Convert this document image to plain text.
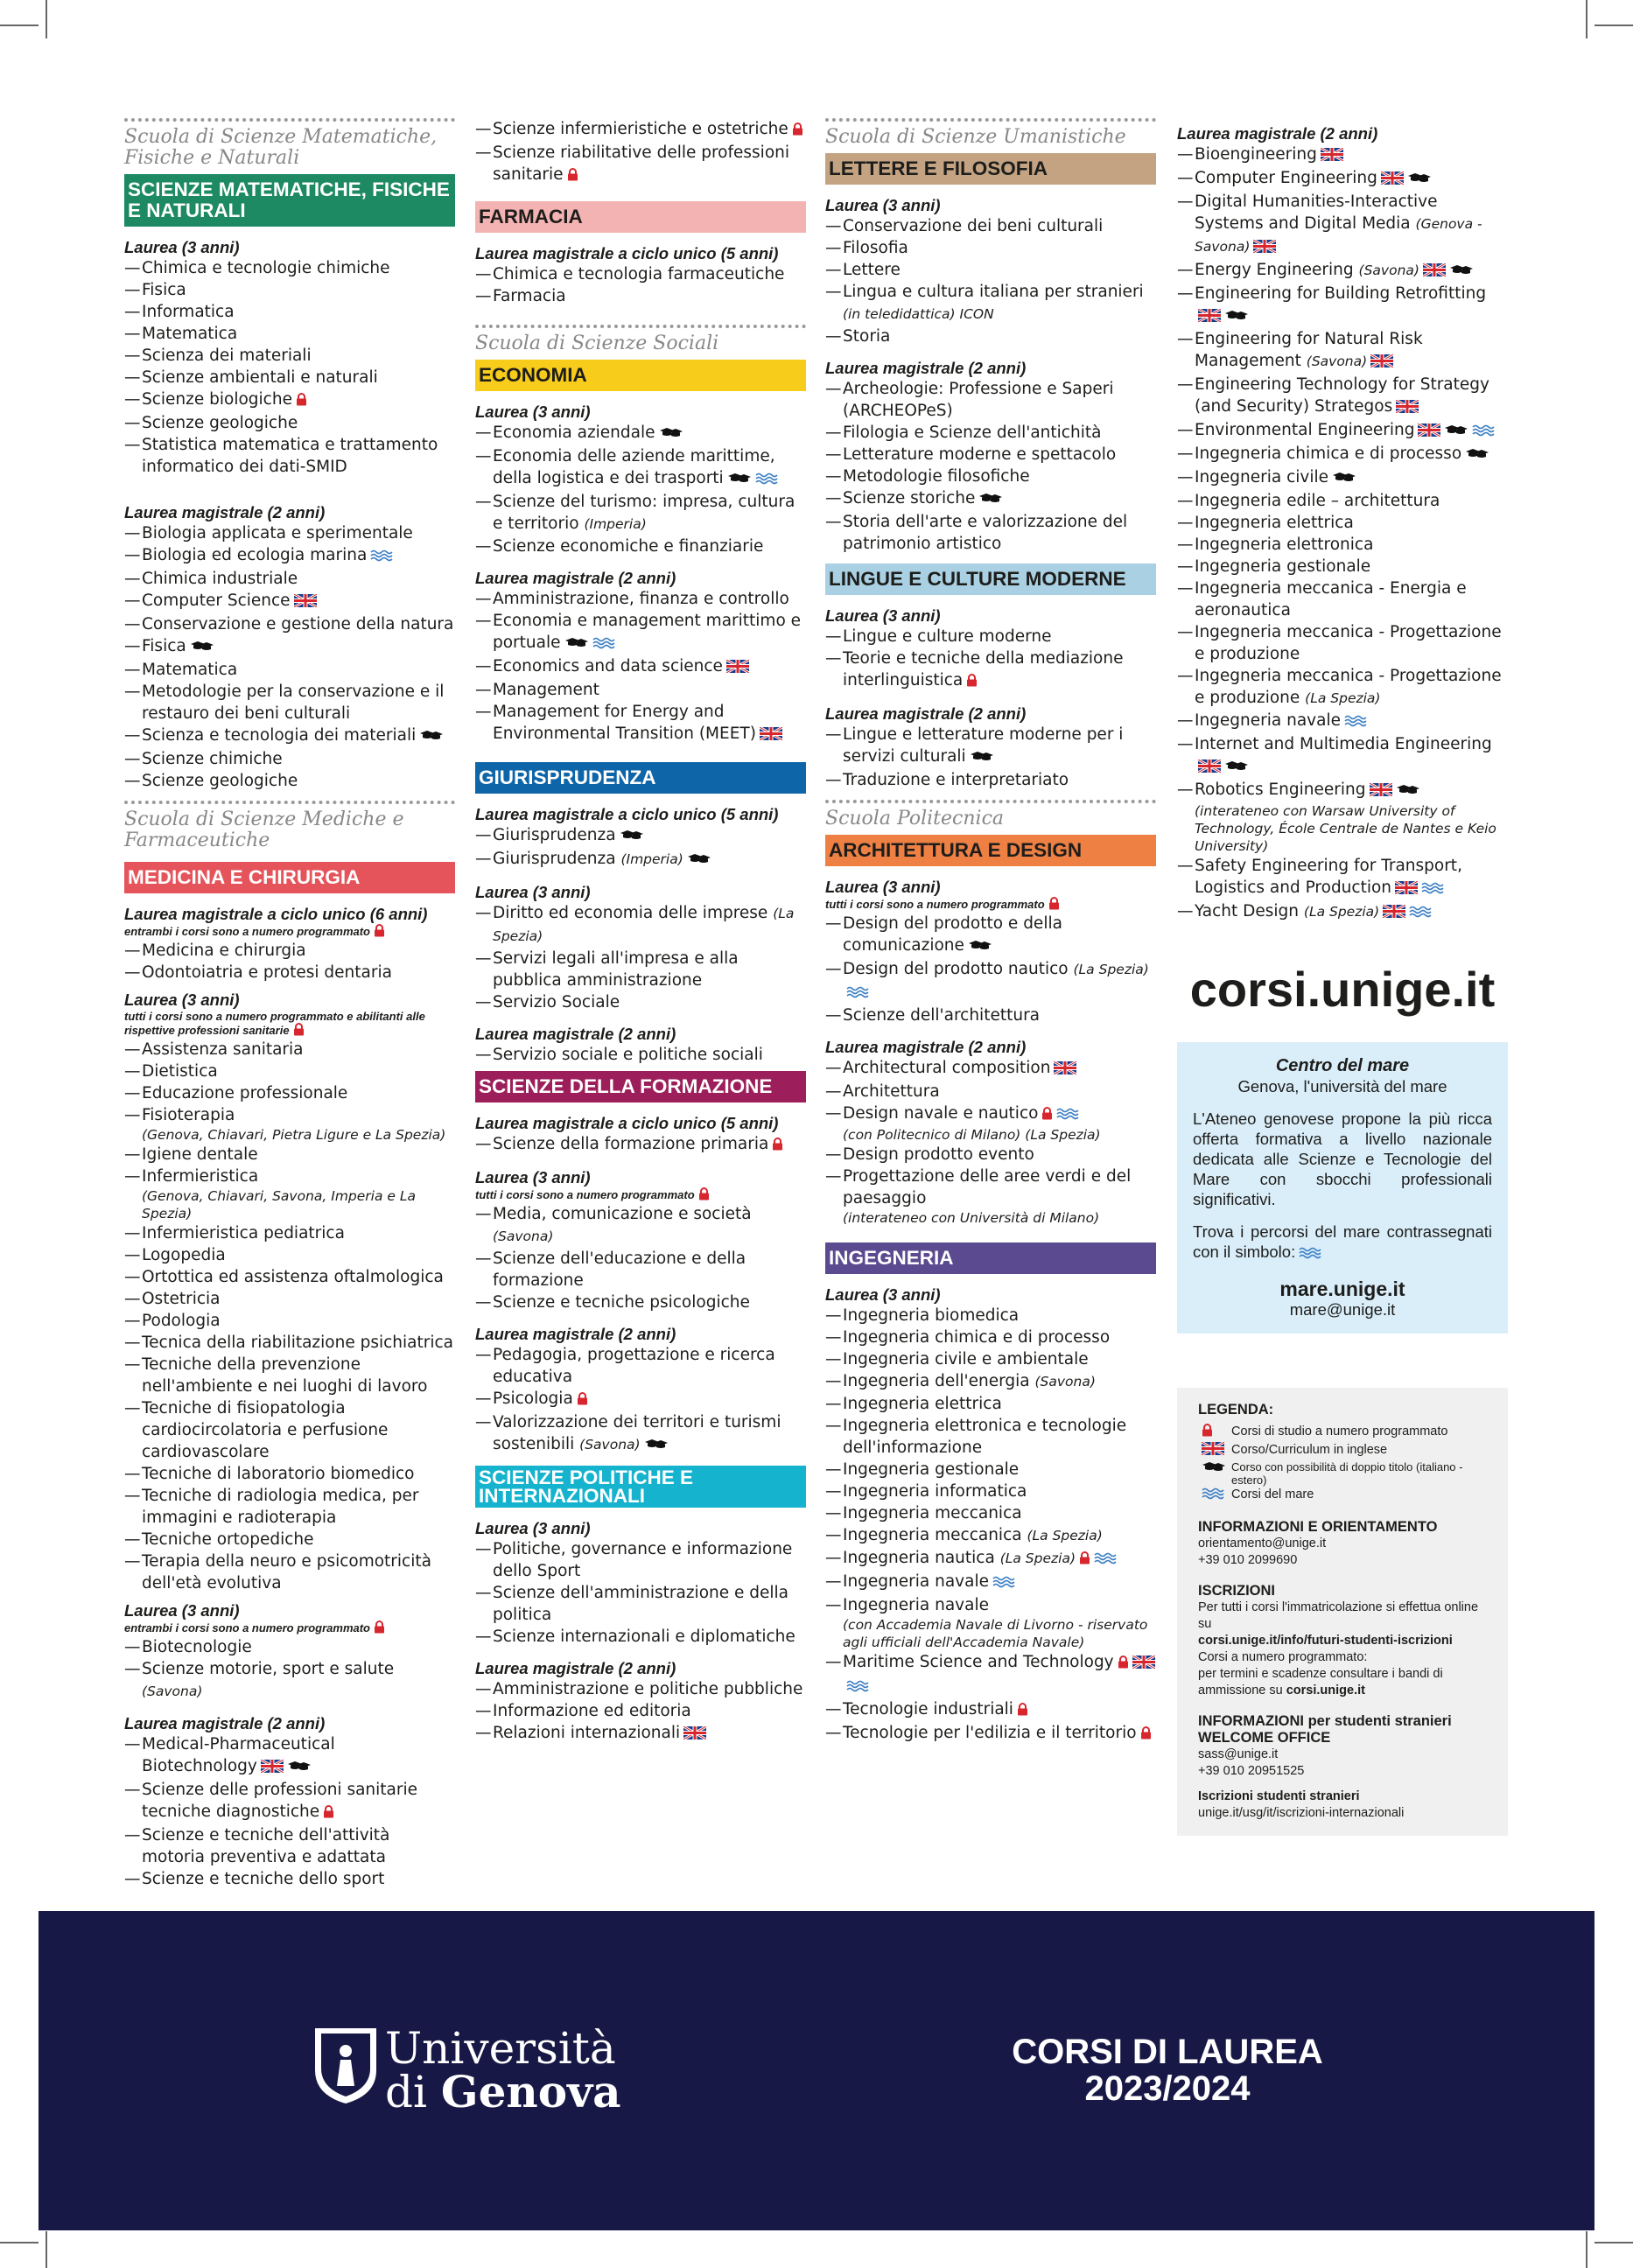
Scuola di Scienze Matematiche, Fisiche e Naturali
SCIENZE MATEMATICHE, FISICHE E NATURALI
Laurea (3 anni)
— Chimica e tecnologie chimiche
— Fisica
— Informatica
— Matematica
— Scienza dei materiali
— Scienze ambientali e naturali
— Scienze biologiche
— Scienze geologiche
— Statistica matematica e trattamento informatico dei dati-SMID
Laurea magistrale (2 anni)
— Biologia applicata e sperimentale
— Biologia ed ecologia marina
— Chimica industriale
— Computer Science
— Conservazione e gestione della natura
— Fisica
— Matematica
— Metodologie per la conservazione e il restauro dei beni culturali
— Scienza e tecnologia dei materiali
— Scienze chimiche
— Scienze geologiche
Scuola di Scienze Mediche e Farmaceutiche
MEDICINA E CHIRURGIA
Laurea magistrale a ciclo unico (6 anni)
entrambi i corsi sono a numero programmato
— Medicina e chirurgia
— Odontoiatria e protesi dentaria
Laurea (3 anni)
tutti i corsi sono a numero programmato e abilitanti alle rispettive professioni sanitarie
— Assistenza sanitaria
— Dietistica
— Educazione professionale
— Fisioterapia
(Genova, Chiavari, Pietra Ligure e La Spezia)
— Igiene dentale
— Infermieristica
(Genova, Chiavari, Savona, Imperia e La Spezia)
— Infermieristica pediatrica
— Logopedia
— Ortottica ed assistenza oftalmologica
— Ostetricia
— Podologia
— Tecnica della riabilitazione psichiatrica
— Tecniche della prevenzione nell'ambiente e nei luoghi di lavoro
— Tecniche di fisiopatologia cardiocircolatoria e perfusione cardiovascolare
— Tecniche di laboratorio biomedico
— Tecniche di radiologia medica, per immagini e radioterapia
— Tecniche ortopediche
— Terapia della neuro e psicomotricità dell'età evolutiva
Laurea (3 anni)
entrambi i corsi sono a numero programmato
— Biotecnologie
— Scienze motorie, sport e salute (Savona)
Laurea magistrale (2 anni)
— Medical-Pharmaceutical Biotechnology
— Scienze delle professioni sanitarie tecniche diagnostiche
— Scienze e tecniche dell'attività motoria preventiva e adattata
— Scienze e tecniche dello sport
— Scienze infermieristiche e ostetriche
— Scienze riabilitative delle professioni sanitarie
FARMACIA
Laurea magistrale a ciclo unico (5 anni)
— Chimica e tecnologia farmaceutiche
— Farmacia
Scuola di Scienze Sociali
ECONOMIA
Laurea (3 anni)
— Economia aziendale
— Economia delle aziende marittime, della logistica e dei trasporti
— Scienze del turismo: impresa, cultura e territorio (Imperia)
— Scienze economiche e finanziarie
Laurea magistrale (2 anni)
— Amministrazione, finanza e controllo
— Economia e management marittimo e portuale
— Economics and data science
— Management
— Management for Energy and Environmental Transition (MEET)
GIURISPRUDENZA
Laurea magistrale a ciclo unico (5 anni)
— Giurisprudenza
— Giurisprudenza (Imperia)
Laurea (3 anni)
— Diritto ed economia delle imprese (La Spezia)
— Servizi legali all'impresa e alla pubblica amministrazione
— Servizio Sociale
Laurea magistrale (2 anni)
— Servizio sociale e politiche sociali
SCIENZE DELLA FORMAZIONE
Laurea magistrale a ciclo unico (5 anni)
— Scienze della formazione primaria
Laurea (3 anni)
tutti i corsi sono a numero programmato
— Media, comunicazione e società (Savona)
— Scienze dell'educazione e della formazione
— Scienze e tecniche psicologiche
Laurea magistrale (2 anni)
— Pedagogia, progettazione e ricerca educativa
— Psicologia
— Valorizzazione dei territori e turismi sostenibili (Savona)
SCIENZE POLITICHE E INTERNAZIONALI
Laurea (3 anni)
— Politiche, governance e informazione dello Sport
— Scienze dell'amministrazione e della politica
— Scienze internazionali e diplomatiche
Laurea magistrale (2 anni)
— Amministrazione e politiche pubbliche
— Informazione ed editoria
— Relazioni internazionali
Scuola di Scienze Umanistiche
LETTERE E FILOSOFIA
Laurea (3 anni)
— Conservazione dei beni culturali
— Filosofia
— Lettere
— Lingua e cultura italiana per stranieri (in teledidattica) ICON
— Storia
Laurea magistrale (2 anni)
— Archeologie: Professione e Saperi (ARCHEOPeS)
— Filologia e Scienze dell'antichità
— Letterature moderne e spettacolo
— Metodologie filosofiche
— Scienze storiche
— Storia dell'arte e valorizzazione del patrimonio artistico
LINGUE E CULTURE MODERNE
Laurea (3 anni)
— Lingue e culture moderne
— Teorie e tecniche della mediazione interlinguistica
Laurea magistrale (2 anni)
— Lingue e letterature moderne per i servizi culturali
— Traduzione e interpretariato
Scuola Politecnica
ARCHITETTURA E DESIGN
Laurea (3 anni)
tutti i corsi sono a numero programmato
— Design del prodotto e della comunicazione
— Design del prodotto nautico (La Spezia)
— Scienze dell'architettura
Laurea magistrale (2 anni)
— Architectural composition
— Architettura
— Design navale e nautico
(con Politecnico di Milano) (La Spezia)
— Design prodotto evento
— Progettazione delle aree verdi e del paesaggio
(interateneo con Università di Milano)
INGEGNERIA
Laurea (3 anni)
— Ingegneria biomedica
— Ingegneria chimica e di processo
— Ingegneria civile e ambientale
— Ingegneria dell'energia (Savona)
— Ingegneria elettrica
— Ingegneria elettronica e tecnologie dell'informazione
— Ingegneria gestionale
— Ingegneria informatica
— Ingegneria meccanica
— Ingegneria meccanica (La Spezia)
— Ingegneria nautica (La Spezia)
— Ingegneria navale
— Ingegneria navale
(con Accademia Navale di Livorno - riservato agli ufficiali dell'Accademia Navale)
— Maritime Science and Technology
— Tecnologie industriali
— Tecnologie per l'edilizia e il territorio
Laurea magistrale (2 anni)
— Bioengineering
— Computer Engineering
— Digital Humanities-Interactive Systems and Digital Media (Genova - Savona)
— Energy Engineering (Savona)
— Engineering for Building Retrofitting
— Engineering for Natural Risk Management (Savona)
— Engineering Technology for Strategy (and Security) Strategos
— Environmental Engineering
— Ingegneria chimica e di processo
— Ingegneria civile
— Ingegneria edile – architettura
— Ingegneria elettrica
— Ingegneria elettronica
— Ingegneria gestionale
— Ingegneria meccanica - Energia e aeronautica
— Ingegneria meccanica - Progettazione e produzione
— Ingegneria meccanica - Progettazione e produzione (La Spezia)
— Ingegneria navale
— Internet and Multimedia Engineering
— Robotics Engineering
(interateneo con Warsaw University of Technology, École Centrale de Nantes e Keio University)
— Safety Engineering for Transport, Logistics and Production
— Yacht Design (La Spezia)
corsi.unige.it
Centro del mare
Genova, l'università del mare
L'Ateneo genovese propone la più ricca offerta formativa a livello nazionale dedicata alle Scienze e Tecnologie del Mare con sbocchi professionali significativi.
Trova i percorsi del mare contrassegnati con il simbolo:
mare.unige.it
mare@unige.it
LEGENDA:
Corsi di studio a numero programmato
Corso/Curriculum in inglese
Corso con possibilità di doppio titolo (italiano - estero)
Corsi del mare
INFORMAZIONI E ORIENTAMENTO
orientamento@unige.it
+39 010 2099690
ISCRIZIONI
Per tutti i corsi l'immatricolazione si effettua online su
corsi.unige.it/info/futuri-studenti-iscrizioni
Corsi a numero programmato:
per termini e scadenze consultare i bandi di ammissione su corsi.unige.it
INFORMAZIONI per studenti stranieri
WELCOME OFFICE
sass@unige.it
+39 010 20951525
Iscrizioni studenti stranieri
unige.it/usg/it/iscrizioni-internazionali
Università
di Genova
CORSI DI LAUREA
2023/2024
